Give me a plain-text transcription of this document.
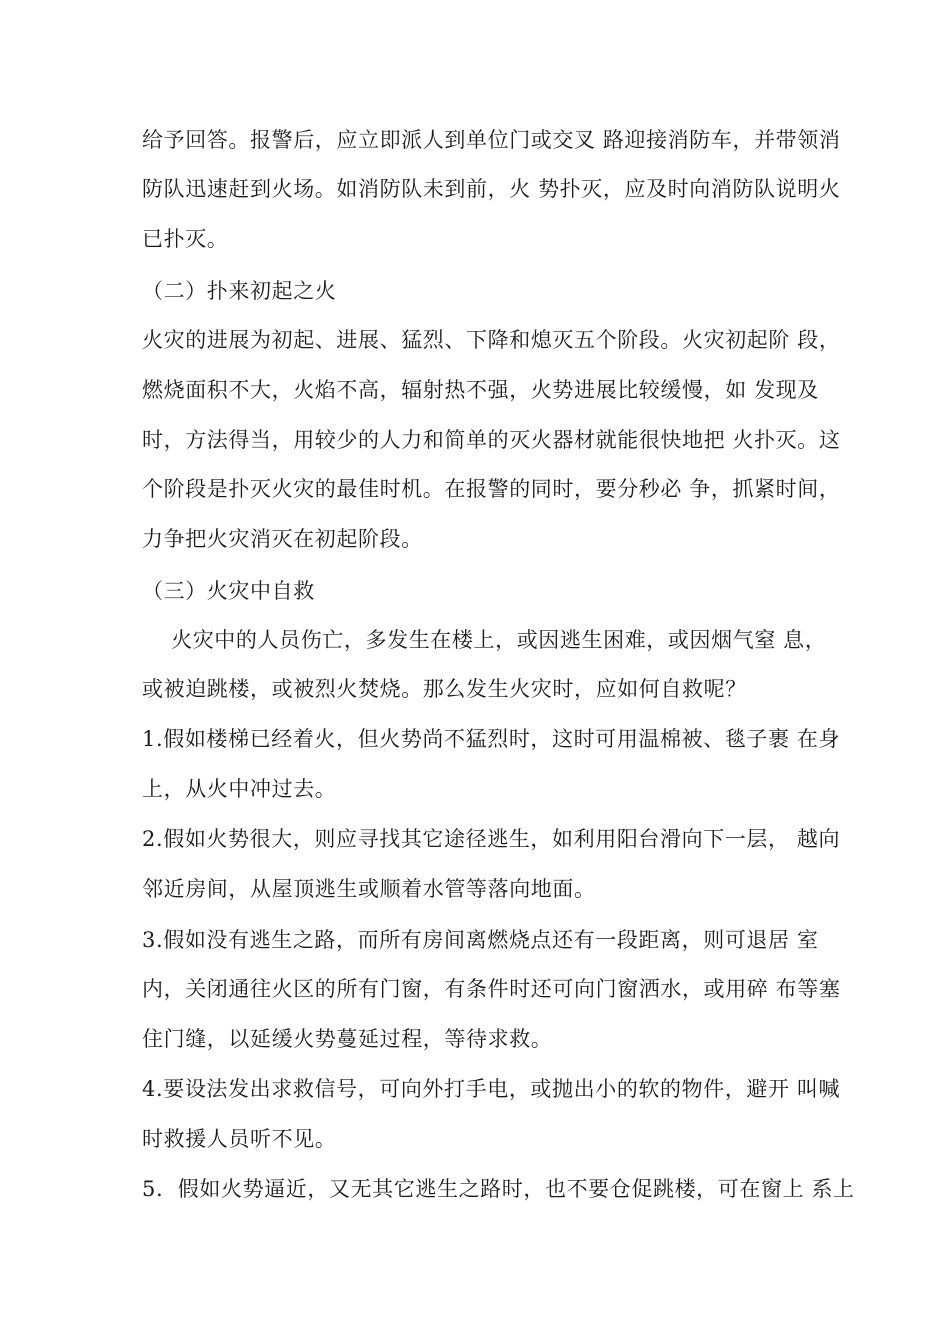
给予回答。报警后，应立即派人到单位门或交叉 路迎接消防车，并带领消
防队迅速赶到火场。如消防队未到前，火 势扑灭，应及时向消防队说明火
已扑灭。
（二）扑来初起之火
火灾的进展为初起、进展、猛烈、下降和熄灭五个阶段。火灾初起阶 段，
燃烧面积不大，火焰不高，辐射热不强，火势进展比较缓慢，如 发现及
时，方法得当，用较少的人力和简单的灭火器材就能很快地把 火扑灭。这
个阶段是扑灭火灾的最佳时机。在报警的同时，要分秒必 争，抓紧时间，
力争把火灾消灭在初起阶段。
（三）火灾中自救
火灾中的人员伤亡，多发生在楼上，或因逃生困难，或因烟气窒 息，
或被迫跳楼，或被烈火焚烧。那么发生火灾时，应如何自救呢？
1.假如楼梯已经着火，但火势尚不猛烈时，这时可用温棉被、毯子裹 在身
上，从火中冲过去。
2.假如火势很大，则应寻找其它途径逃生，如利用阳台滑向下一层， 越向
邻近房间，从屋顶逃生或顺着水管等落向地面。
3.假如没有逃生之路，而所有房间离燃烧点还有一段距离，则可退居 室
内，关闭通往火区的所有门窗，有条件时还可向门窗洒水，或用碎 布等塞
住门缝，以延缓火势蔓延过程，等待求救。
4.要设法发出求救信号，可向外打手电，或抛出小的软的物件，避开 叫喊
时救援人员听不见。
5.  假如火势逼近，又无其它逃生之路时，也不要仓促跳楼，可在窗上 系上
